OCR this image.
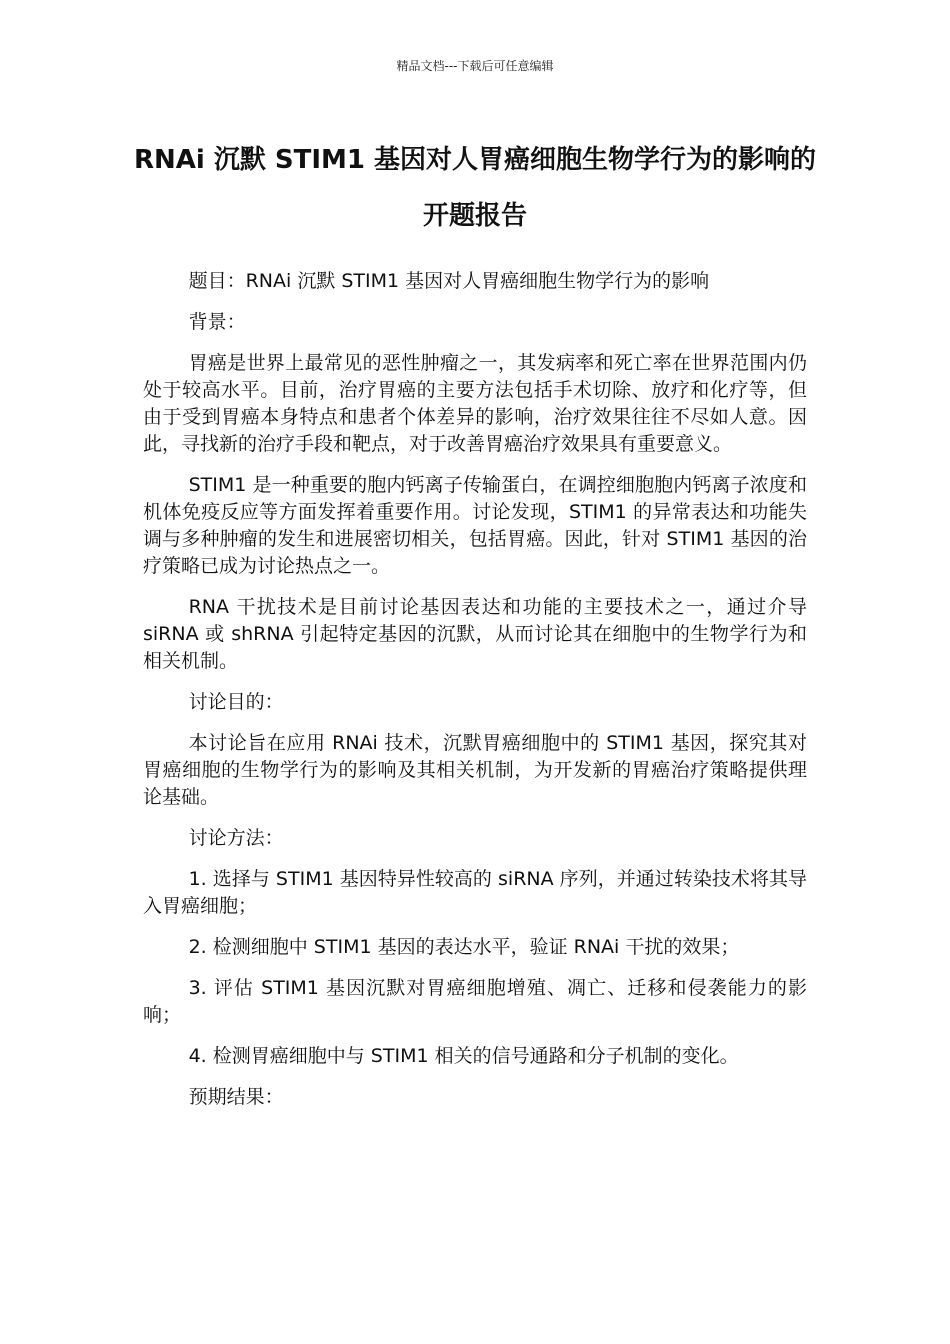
精品文档---下载后可任意编辑
RNAi 沉默 STIM1 基因对人胃癌细胞生物学行为的影响的开题报告

题目：RNAi 沉默 STIM1 基因对人胃癌细胞生物学行为的影响

背景：

胃癌是世界上最常见的恶性肿瘤之一，其发病率和死亡率在世界范围内仍处于较高水平。目前，治疗胃癌的主要方法包括手术切除、放疗和化疗等，但由于受到胃癌本身特点和患者个体差异的影响，治疗效果往往不尽如人意。因此，寻找新的治疗手段和靶点，对于改善胃癌治疗效果具有重要意义。

STIM1 是一种重要的胞内钙离子传输蛋白，在调控细胞胞内钙离子浓度和机体免疫反应等方面发挥着重要作用。讨论发现，STIM1 的异常表达和功能失调与多种肿瘤的发生和进展密切相关，包括胃癌。因此，针对 STIM1 基因的治疗策略已成为讨论热点之一。

RNA 干扰技术是目前讨论基因表达和功能的主要技术之一，通过介导 siRNA 或 shRNA 引起特定基因的沉默，从而讨论其在细胞中的生物学行为和相关机制。

讨论目的：

本讨论旨在应用 RNAi 技术，沉默胃癌细胞中的 STIM1 基因，探究其对胃癌细胞的生物学行为的影响及其相关机制，为开发新的胃癌治疗策略提供理论基础。

讨论方法：

1. 选择与 STIM1 基因特异性较高的 siRNA 序列，并通过转染技术将其导入胃癌细胞；

2. 检测细胞中 STIM1 基因的表达水平，验证 RNAi 干扰的效果；

3. 评估 STIM1 基因沉默对胃癌细胞增殖、凋亡、迁移和侵袭能力的影响；

4. 检测胃癌细胞中与 STIM1 相关的信号通路和分子机制的变化。

预期结果：
